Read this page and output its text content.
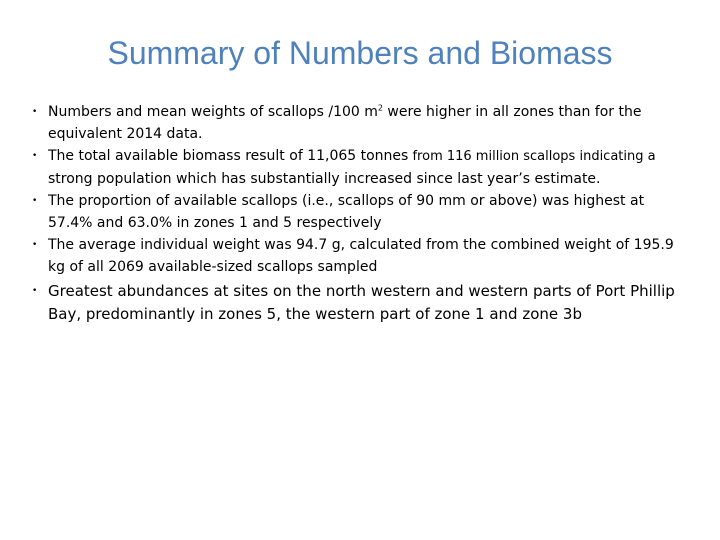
Summary of Numbers and Biomass
• Numbers and mean weights of scallops /100 $m^2$ were higher in all zones than for the equivalent 2014 data.
• The total available biomass result of 11,065 tonnes from 116 million scallops indicating a strong population which has substantially increased since last year’s estimate.
• The proportion of available scallops (i.e., scallops of 90 mm or above) was highest at 57.4% and 63.0% in zones 1 and 5 respectively
• The average individual weight was 94.7 g, calculated from the combined weight of 195.9 kg of all 2069 available-sized scallops sampled
• Greatest abundances at sites on the north western and western parts of Port Phillip Bay, predominantly in zones 5, the western part of zone 1 and zone 3b
